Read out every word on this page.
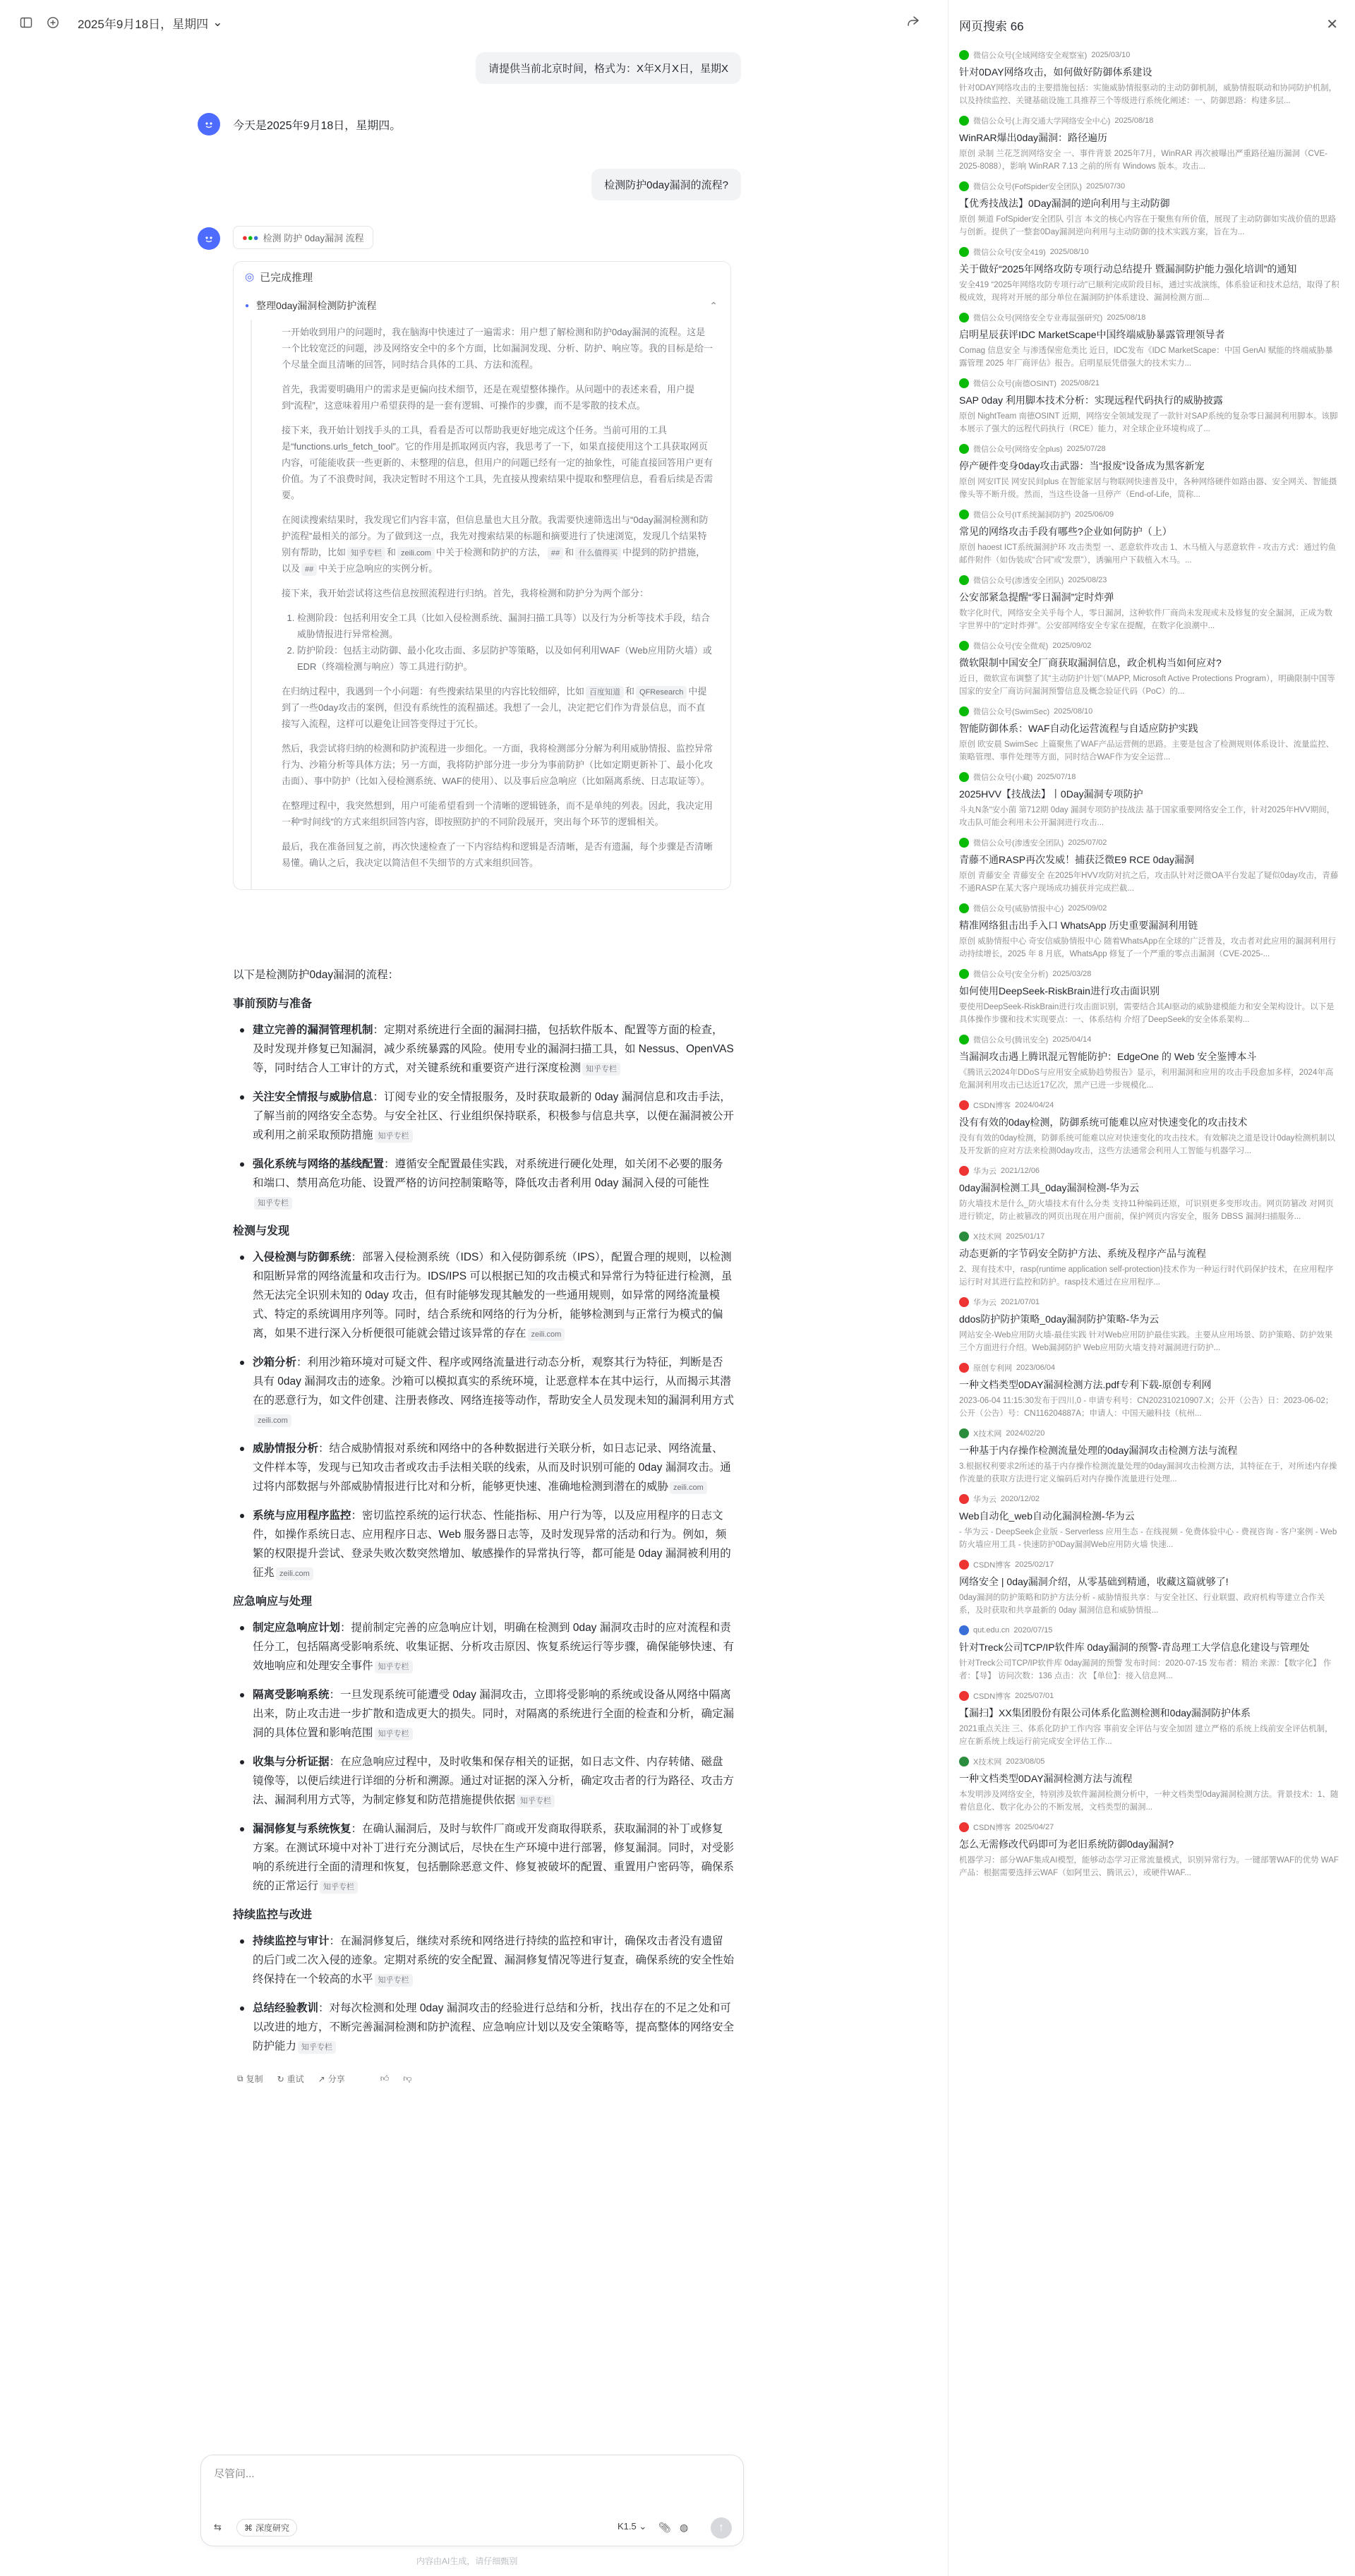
2025年9月18日，星期四 ⌄
请提供当前北京时间，格式为：X年X月X日，星期X
今天是2025年9月18日，星期四。
检测防护0day漏洞的流程?
●●● 检测 防护 0day漏洞 流程
◎ 已完成推理
● 整理0day漏洞检测防护流程	⌃

一开始收到用户的问题时，我在脑海中快速过了一遍需求：用户想了解检测和防护0day漏洞的流程。这是一个比较宽泛的问题，涉及网络安全中的多个方面，比如漏洞发现、分析、防护、响应等。我的目标是给一个尽量全面且清晰的回答，同时结合具体的工具、方法和流程。

首先，我需要明确用户的需求是更偏向技术细节，还是在观望整体操作。从问题中的表述来看，用户提到“流程”，这意味着用户希望获得的是一套有逻辑、可操作的步骤，而不是零散的技术点。

接下来，我开始计划找手头的工具，看看是否可以帮助我更好地完成这个任务。当前可用的工具是“functions.urls_fetch_tool”。它的作用是抓取网页内容，我思考了一下，如果直接使用这个工具获取网页内容，可能能收获一些更新的、未整理的信息，但用户的问题已经有一定的抽象性，可能直接回答用户更有价值。为了不浪费时间，我决定暂时不用这个工具，先直接从搜索结果中提取和整理信息，看看后续是否需要。

在阅读搜索结果时，我发现它们内容丰富，但信息量也大且分散。我需要快速筛选出与“0day漏洞检测和防护流程”最相关的部分。为了做到这一点，我先对搜索结果的标题和摘要进行了快速浏览，发现几个结果特别有帮助，比如 知乎专栏 和 zeili.com 中关于检测和防护的方法， ## 和 什么值得买 中提到的防护措施，以及 ## 中关于应急响应的实例分析。

接下来，我开始尝试将这些信息按照流程进行归纳。首先，我将检测和防护分为两个部分：

1. 检测阶段：包括利用安全工具（比如入侵检测系统、漏洞扫描工具等）以及行为分析等技术手段，结合威胁情报进行异常检测。
2. 防护阶段：包括主动防御、最小化攻击面、多层防护等策略，以及如何利用WAF（Web应用防火墙）或EDR（终端检测与响应）等工具进行防护。

在归纳过程中，我遇到一个小问题：有些搜索结果里的内容比较细碎，比如 百度知道 和 QFResearch 中提到了一些0day攻击的案例，但没有系统性的流程描述。我想了一会儿，决定把它们作为背景信息，而不直接写入流程，这样可以避免让回答变得过于冗长。

然后，我尝试将归纳的检测和防护流程进一步细化。一方面，我将检测部分分解为利用威胁情报、监控异常行为、沙箱分析等具体方法；另一方面，我将防护部分进一步分为事前防护（比如定期更新补丁、最小化攻击面）、事中防护（比如入侵检测系统、WAF的使用）、以及事后应急响应（比如隔离系统、日志取证等）。

在整理过程中，我突然想到，用户可能希望看到一个清晰的逻辑链条，而不是单纯的列表。因此，我决定用一种“时间线”的方式来组织回答内容，即按照防护的不同阶段展开，突出每个环节的逻辑相关。

最后，我在准备回复之前，再次快速检查了一下内容结构和逻辑是否清晰，是否有遗漏，每个步骤是否清晰易懂。确认之后，我决定以简洁但不失细节的方式来组织回答。

以下是检测防护0day漏洞的流程：
事前预防与准备
建立完善的漏洞管理机制：定期对系统进行全面的漏洞扫描，包括软件版本、配置等方面的检查，及时发现并修复已知漏洞，减少系统暴露的风险。使用专业的漏洞扫描工具，如 Nessus、OpenVAS 等，同时结合人工审计的方式，对关键系统和重要资产进行深度检测 知乎专栏
关注安全情报与威胁信息：订阅专业的安全情报服务，及时获取最新的 0day 漏洞信息和攻击手法，了解当前的网络安全态势。与安全社区、行业组织保持联系，积极参与信息共享，以便在漏洞被公开或利用之前采取预防措施 知乎专栏
强化系统与网络的基线配置：遵循安全配置最佳实践，对系统进行硬化处理，如关闭不必要的服务和端口、禁用高危功能、设置严格的访问控制策略等，降低攻击者利用 0day 漏洞入侵的可能性知乎专栏
检测与发现
入侵检测与防御系统：部署入侵检测系统（IDS）和入侵防御系统（IPS），配置合理的规则，以检测和阻断异常的网络流量和攻击行为。IDS/IPS 可以根据已知的攻击模式和异常行为特征进行检测，虽然无法完全识别未知的 0day 攻击，但有时能够发现其触发的一些通用规则，如异常的网络流量模式、特定的系统调用序列等。同时，结合系统和网络的行为分析，能够检测到与正常行为模式的偏离，如果不进行深入分析便很可能就会错过该异常的存在 zeili.com
沙箱分析：利用沙箱环境对可疑文件、程序或网络流量进行动态分析，观察其行为特征，判断是否具有 0day 漏洞攻击的迹象。沙箱可以模拟真实的系统环境，让恶意样本在其中运行，从而揭示其潜在的恶意行为，如文件创建、注册表修改、网络连接等动作，帮助安全人员发现未知的漏洞利用方式zeili.com
威胁情报分析：结合威胁情报对系统和网络中的各种数据进行关联分析，如日志记录、网络流量、文件样本等，发现与已知攻击者或攻击手法相关联的线索，从而及时识别可能的 0day 漏洞攻击。通过将内部数据与外部威胁情报进行比对和分析，能够更快速、准确地检测到潜在的威胁 zeili.com
系统与应用程序监控：密切监控系统的运行状态、性能指标、用户行为等，以及应用程序的日志文件，如操作系统日志、应用程序日志、Web 服务器日志等，及时发现异常的活动和行为。例如，频繁的权限提升尝试、登录失败次数突然增加、敏感操作的异常执行等，都可能是 0day 漏洞被利用的征兆 zeili.com
应急响应与处理
制定应急响应计划：提前制定完善的应急响应计划，明确在检测到 0day 漏洞攻击时的应对流程和责任分工，包括隔离受影响系统、收集证据、分析攻击原因、恢复系统运行等步骤，确保能够快速、有效地响应和处理安全事件 知乎专栏
隔离受影响系统：一旦发现系统可能遭受 0day 漏洞攻击，立即将受影响的系统或设备从网络中隔离出来，防止攻击进一步扩散和造成更大的损失。同时，对隔离的系统进行全面的检查和分析，确定漏洞的具体位置和影响范围 知乎专栏
收集与分析证据：在应急响应过程中，及时收集和保存相关的证据，如日志文件、内存转储、磁盘镜像等，以便后续进行详细的分析和溯源。通过对证据的深入分析，确定攻击者的行为路径、攻击方法、漏洞利用方式等，为制定修复和防范措施提供依据 知乎专栏
漏洞修复与系统恢复：在确认漏洞后，及时与软件厂商或开发商取得联系，获取漏洞的补丁或修复方案。在测试环境中对补丁进行充分测试后，尽快在生产环境中进行部署，修复漏洞。同时，对受影响的系统进行全面的清理和恢复，包括删除恶意文件、修复被破坏的配置、重置用户密码等，确保系统的正常运行 知乎专栏
持续监控与改进
持续监控与审计：在漏洞修复后，继续对系统和网络进行持续的监控和审计，确保攻击者没有遗留的后门或二次入侵的迹象。定期对系统的安全配置、漏洞修复情况等进行复查，确保系统的安全性始终保持在一个较高的水平 知乎专栏
总结经验教训：对每次检测和处理 0day 漏洞攻击的经验进行总结和分析，找出存在的不足之处和可以改进的地方，不断完善漏洞检测和防护流程、应急响应计划以及安全策略等，提高整体的网络安全防护能力 知乎专栏
⧉ 复制 ↻ 重试 ↗ 分享	👍︎ 👎︎
尽管问...
⇆	⌘ 深度研究	K1.5 ⌄ 📎︎ ◍	↑
内容由AI生成，请仔细甄别
网页搜索 66	✕
微信公众号(全域网络安全观察室) 2025/03/10
针对0DAY网络攻击，如何做好防御体系建设
针对0DAY网络攻击的主要措施包括：实施威胁情报驱动的主动防御机制，威胁情报联动和协同防护机制，以及持续监控、关键基础设施工具推荐三个等级进行系统化阐述：一、防御思路：构建多层...
微信公众号(上海交通大学网络安全中心) 2025/08/18
WinRAR爆出0day漏洞：路径遍历
原创 录制 兰花芝润网络安全 一、事件背景 2025年7月，WinRAR 再次被曝出严重路径遍历漏洞（CVE-2025-8088），影响 WinRAR 7.13 之前的所有 Windows 版本。攻击...
微信公众号(FofSpider安全团队) 2025/07/30
【优秀技战法】0Day漏洞的逆向利用与主动防御
原创 频道 FofSpider安全团队 引言 本文的核心内容在于聚焦有所价值，展现了主动防御如实战价值的思路与创新。提供了一整套0Day漏洞逆向利用与主动防御的技术实践方案，旨在为...
微信公众号(安全419) 2025/08/10
关于做好“2025年网络攻防专项行动总结提升 暨漏洞防护能力强化培训”的通知
安全419 “2025年网络攻防专项行动”已顺利完成阶段目标，通过实战演练，体系验证和技术总结，取得了积极成效，现将对开展的部分单位在漏洞防护体系建设、漏洞检测方面...
微信公众号(网络安全专业毒鼠强研究) 2025/08/18
启明星辰获评IDC MarketScape中国终端威胁暴露管理领导者
Comag 信息安全 与渗透保密危类比 近日，IDC发布《IDC MarketScape：中国 GenAI 赋能的终端威胁暴露管理 2025 年厂商评估》报告。启明星辰凭借强大的技术实力...
微信公众号(南德OSINT) 2025/08/21
SAP 0day 利用脚本技术分析：实现远程代码执行的威胁披露
原创 NightTeam 南德OSINT 近期，网络安全领域发现了一款针对SAP系统的复杂零日漏洞利用脚本。该脚本展示了强大的远程代码执行（RCE）能力，对全球企业环境构成了...
微信公众号(网络安全plus) 2025/07/28
停产硬件变身0day攻击武器：当“报废”设备成为黑客新宠
原创 网安IT民 网安民间plus 在智能家居与物联网快速普及中，各种网络硬件如路由器、安全网关、智能摄像头等不断升级。然而，当这些设备一旦停产（End-of-Life，简称...
微信公众号(IT系统漏洞防护) 2025/06/09
常见的网络攻击手段有哪些?企业如何防护（上）
原创 haoest ICT系统漏洞护环 攻击类型 一、恶意软件攻击 1、木马植入与恶意软件 - 攻击方式：通过钓鱼邮件附件（如伪装成“合同”或“发票”），诱骗用户下载植入木马。...
微信公众号(渗透安全团队) 2025/08/23
公安部紧急提醒“零日漏洞”定时炸弹
数字化时代，网络安全关乎每个人，零日漏洞，这种软件厂商尚未发现或未及修复的安全漏洞，正成为数字世界中的“定时炸弹”。公安部网络安全专家在提醒，在数字化浪潮中...
微信公众号(安全微观) 2025/09/02
微软限制中国安全厂商获取漏洞信息，政企机构当如何应对?
近日，微软宣布调整了其“主动防护计划”（MAPP, Microsoft Active Protections Program），明确限制中国等国家的安全厂商访问漏洞预警信息及概念验证代码（PoC）的...
微信公众号(SwimSec) 2025/08/10
智能防御体系：WAF自动化运营流程与自适应防护实践
原创 欧安晨 SwimSec 上篇聚焦了WAF产品运营侧的思路。主要是包含了检测规则体系设计、流量监控、策略管理、事件处理等方面，同时结合WAF作为安全运营...
微信公众号(小藏) 2025/07/18
2025HVV【技战法】丨0Day漏洞专项防护
斗丸N条“安小菌 第712期 0day 漏洞专项防护技战法 基于国家重要网络安全工作，针对2025年HVV期间，攻击队可能会利用未公开漏洞进行攻击...
微信公众号(渗透安全团队) 2025/07/02
青藤不通RASP再次发威！捕获泛微E9 RCE 0day漏洞
原创 青藤安全 青藤安全 在2025年HVV攻防对抗之后，攻击队针对泛微OA平台发起了疑似0day攻击，青藤不通RASP在某大客户现场成功捕获并完成拦截...
微信公众号(威胁情报中心) 2025/09/02
精准网络狙击出手入口 WhatsApp 历史重要漏洞利用链
原创 威胁情报中心 奇安信威胁情报中心 随着WhatsApp在全球的广泛普及，攻击者对此应用的漏洞利用行动持续增长，2025 年 8 月底，WhatsApp 修复了一个严重的零点击漏洞（CVE-2025-...
微信公众号(安全分析) 2025/03/28
如何使用DeepSeek-RiskBrain进行攻击面识别
要使用DeepSeek-RiskBrain进行攻击面识别，需要结合其AI驱动的威胁建模能力和安全架构设计。以下是具体操作步骤和技术实现要点：一、体系结构 介绍了DeepSeek的安全体系架构...
微信公众号(腾讯安全) 2025/04/14
当漏洞攻击遇上腾讯混元智能防护：EdgeOne 的 Web 安全鉴博本斗
《腾讯云2024年DDoS与应用安全威胁趋势报告》显示，利用漏洞和应用的攻击手段愈加多样，2024年高危漏洞利用攻击已达近17亿次，黑产已进一步规模化...
CSDN博客 2024/04/24
没有有效的0day检测，防御系统可能难以应对快速变化的攻击技术
没有有效的0day检测，防御系统可能难以应对快速变化的攻击技术。有效解决之道是设计0day检测机制以及开发新的应对方法来检测0day攻击，这些方法通常会利用人工智能与机器学习...
华为云 2021/12/06
0day漏洞检测工具_0day漏洞检测-华为云
防火墙技术是什么_防火墙技术有什么分类 支持11种编码还原，可识别更多变形攻击。网页防篡改 对网页进行锁定，防止被篡改的网页出现在用户面前，保护网页内容安全，服务 DBSS 漏洞扫描服务...
X技术网 2025/01/17
动态更新的字节码安全防护方法、系统及程序产品与流程
2、现有技术中，rasp(runtime application self-protection)技术作为一种运行时代码保护技术，在应用程序运行时对其进行监控和防护。rasp技术通过在应用程序...
华为云 2021/07/01
ddos防护防护策略_0day漏洞防护策略-华为云
网站安全-Web应用防火墙-最佳实践 针对Web应用防护最佳实践。主要从应用场景、防护策略、防护效果三个方面进行介绍。Web漏洞防护 Web应用防火墙支持对漏洞进行防护...
原创专利网 2023/06/04
一种文档类型0DAY漏洞检测方法.pdf专利下载-原创专利网
2023-06-04 11:15:30发布于四川,0 - 申请专利号：CN202310210907.X；公开（公告）日：2023-06-02；公开（公告）号：CN116204887A；申请人：中国天融科技（杭州...
X技术网 2024/02/20
一种基于内存操作检测流量处理的0day漏洞攻击检测方法与流程
3.根据权利要求2所述的基于内存操作检测流量处理的0day漏洞攻击检测方法，其特征在于，对所述内存操作流量的获取方法进行定义编码后对内存操作流量进行处理...
华为云 2020/12/02
Web自动化_web自动化漏洞检测-华为云
- 华为云 - DeepSeek企业版 - Serverless 应用生态 - 在线视频 - 免费体验中心 - 费视咨询 - 客户案例 - Web防火墙应用工具 - 快速防护0Day漏洞Web应用防火墙 快速...
CSDN博客 2025/02/17
网络安全 | 0day漏洞介绍，从零基础到精通，收藏这篇就够了!
0day漏洞的防护策略和防护方法分析 - 威胁情报共享：与安全社区、行业联盟、政府机构等建立合作关系，及时获取和共享最新的 0day 漏洞信息和威胁情报...
qut.edu.cn 2020/07/15
针对Treck公司TCP/IP软件库 0day漏洞的预警-青岛理工大学信息化建设与管理处
针对Treck公司TCP/IP软件库 0day漏洞的预警 发布时间：2020-07-15 发布者：精治 来源：【数字化】 作者：【导】 访问次数：136 点击：次 【单位】：接入信息网...
CSDN博客 2025/07/01
【漏扫】XX集团股份有限公司体系化监测检测和0day漏洞防护体系
2021重点关注 三、体系化防护工作内容 事前安全评估与安全加固 建立严格的系统上线前安全评估机制，应在新系统上线运行前完成安全评估工作...
X技术网 2023/08/05
一种文档类型0DAY漏洞检测方法与流程
本发明涉及网络安全，特别涉及软件漏洞检测分析中，一种文档类型0day漏洞检测方法。背景技术：1、随着信息化、数字化办公的不断发展，文档类型的漏洞...
CSDN博客 2025/04/27
怎么无需修改代码即可为老旧系统防御0day漏洞?
机器学习：部分WAF集成AI模型，能够动态学习正常流量模式，识别异常行为。一键部署WAF的优势 WAF产品：根据需要选择云WAF（如阿里云、腾讯云），或硬件WAF...
